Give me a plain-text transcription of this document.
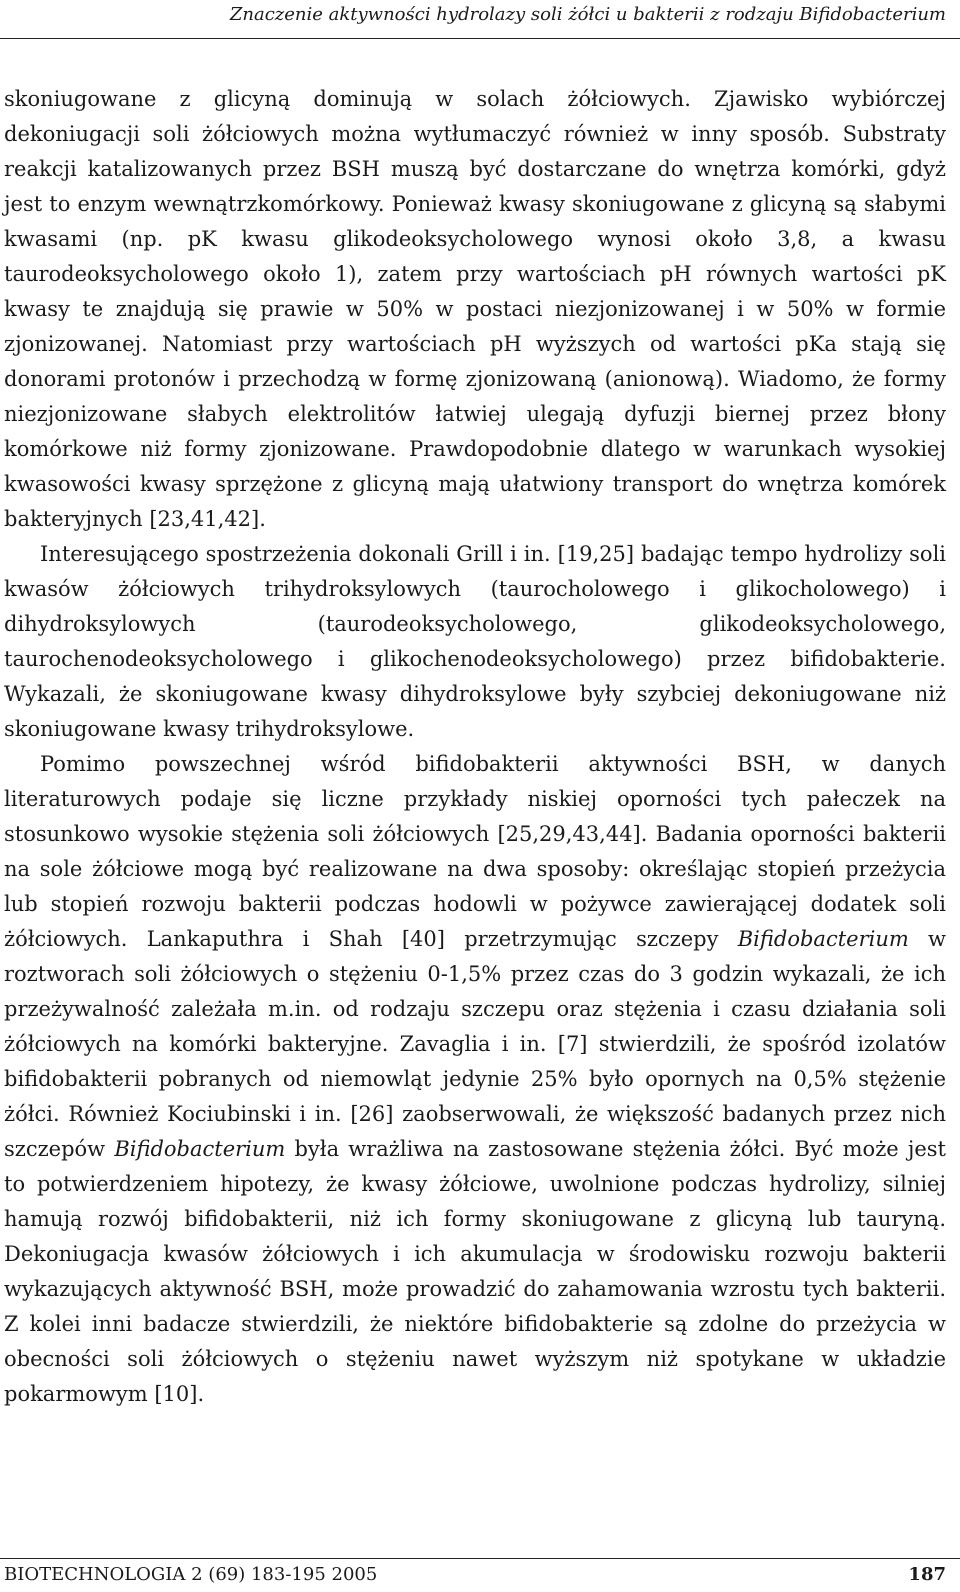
Znaczenie aktywności hydrolazy soli żółci u bakterii z rodzaju Bifidobacterium

skoniugowane z glicyną dominują w solach żółciowych. Zjawisko wybiórczej dekoniugacji soli żółciowych można wytłumaczyć również w inny sposób. Substraty reakcji katalizowanych przez BSH muszą być dostarczane do wnętrza komórki, gdyż jest to enzym wewnątrzkomórkowy. Ponieważ kwasy skoniugowane z glicyną są słabymi kwasami (np. pK kwasu glikodeoksycholowego wynosi około 3,8, a kwasu taurodeoksycholowego około 1), zatem przy wartościach pH równych wartości pK kwasy te znajdują się prawie w 50% w postaci niezjonizowanej i w 50% w formie zjonizowanej. Natomiast przy wartościach pH wyższych od wartości pKa stają się donorami protonów i przechodzą w formę zjonizowaną (anionową). Wiadomo, że formy niezjonizowane słabych elektrolitów łatwiej ulegają dyfuzji biernej przez błony komórkowe niż formy zjonizowane. Prawdopodobnie dlatego w warunkach wysokiej kwasowości kwasy sprzężone z glicyną mają ułatwiony transport do wnętrza komórek bakteryjnych [23,41,42].

Interesującego spostrzeżenia dokonali Grill i in. [19,25] badając tempo hydrolizy soli kwasów żółciowych trihydroksylowych (taurocholowego i glikocholowego) i dihydroksylowych (taurodeoksycholowego, glikodeoksycholowego, taurochenodeoksycholowego i glikochenodeoksycholowego) przez bifidobakterie. Wykazali, że skoniugowane kwasy dihydroksylowe były szybciej dekoniugowane niż skoniugowane kwasy trihydroksylowe.

Pomimo powszechnej wśród bifidobakterii aktywności BSH, w danych literaturowych podaje się liczne przykłady niskiej oporności tych pałeczek na stosunkowo wysokie stężenia soli żółciowych [25,29,43,44]. Badania oporności bakterii na sole żółciowe mogą być realizowane na dwa sposoby: określając stopień przeżycia lub stopień rozwoju bakterii podczas hodowli w pożywce zawierającej dodatek soli żółciowych. Lankaputhra i Shah [40] przetrzymując szczepy Bifidobacterium w roztworach soli żółciowych o stężeniu 0-1,5% przez czas do 3 godzin wykazali, że ich przeżywalność zależała m.in. od rodzaju szczepu oraz stężenia i czasu działania soli żółciowych na komórki bakteryjne. Zavaglia i in. [7] stwierdzili, że spośród izolatów bifidobakterii pobranych od niemowląt jedynie 25% było opornych na 0,5% stężenie żółci. Również Kociubinski i in. [26] zaobserwowali, że większość badanych przez nich szczepów Bifidobacterium była wrażliwa na zastosowane stężenia żółci. Być może jest to potwierdzeniem hipotezy, że kwasy żółciowe, uwolnione podczas hydrolizy, silniej hamują rozwój bifidobakterii, niż ich formy skoniugowane z glicyną lub tauryną. Dekoniugacja kwasów żółciowych i ich akumulacja w środowisku rozwoju bakterii wykazujących aktywność BSH, może prowadzić do zahamowania wzrostu tych bakterii. Z kolei inni badacze stwierdzili, że niektóre bifidobakterie są zdolne do przeżycia w obecności soli żółciowych o stężeniu nawet wyższym niż spotykane w układzie pokarmowym [10].

BIOTECHNOLOGIA 2 (69) 183-195 2005	187
